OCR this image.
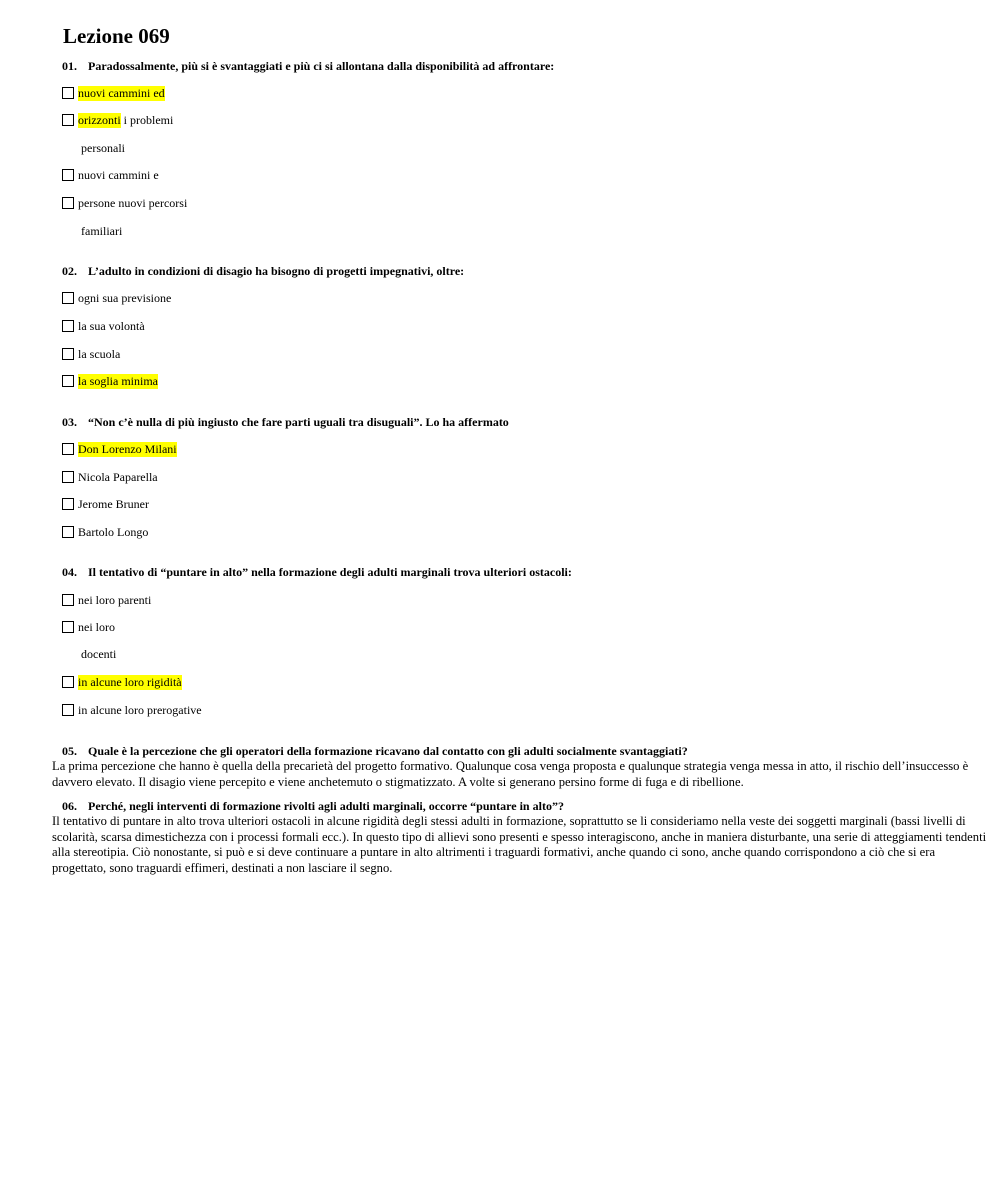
Lezione 069
01. Paradossalmente, più si è svantaggiati e più ci si allontana dalla disponibilità ad affrontare:
nuovi cammini ed
orizzonti i problemi
personali
nuovi cammini e
persone nuovi percorsi
familiari
02. L’adulto in condizioni di disagio ha bisogno di progetti impegnativi, oltre:
ogni sua previsione
la sua volontà
la scuola
la soglia minima
03. “Non c’è nulla di più ingiusto che fare parti uguali tra disuguali”. Lo ha affermato
Don Lorenzo Milani
Nicola Paparella
Jerome Bruner
Bartolo Longo
04. Il tentativo di “puntare in alto” nella formazione degli adulti marginali trova ulteriori ostacoli:
nei loro parenti
nei loro
docenti
in alcune loro rigidità
in alcune loro prerogative
05. Quale è la percezione che gli operatori della formazione ricavano dal contatto con gli adulti socialmente svantaggiati?
La prima percezione che hanno è quella della precarietà del progetto formativo. Qualunque cosa venga proposta e qualunque strategia venga messa in atto, il rischio dell’insuccesso è davvero elevato. Il disagio viene percepito e viene anchetemuto o stigmatizzato. A volte si generano persino forme di fuga e di ribellione.
06. Perché, negli interventi di formazione rivolti agli adulti marginali, occorre “puntare in alto”?
Il tentativo di puntare in alto trova ulteriori ostacoli in alcune rigidità degli stessi adulti in formazione, soprattutto se li consideriamo nella veste dei soggetti marginali (bassi livelli di scolarità, scarsa dimestichezza con i processi formali ecc.). In questo tipo di allievi sono presenti e spesso interagiscono, anche in maniera disturbante, una serie di atteggiamenti tendenti alla stereotipia. Ciò nonostante, si può e si deve continuare a puntare in alto altrimenti i traguardi formativi, anche quando ci sono, anche quando corrispondono a ciò che si era progettato, sono traguardi effimeri, destinati a non lasciare il segno.
